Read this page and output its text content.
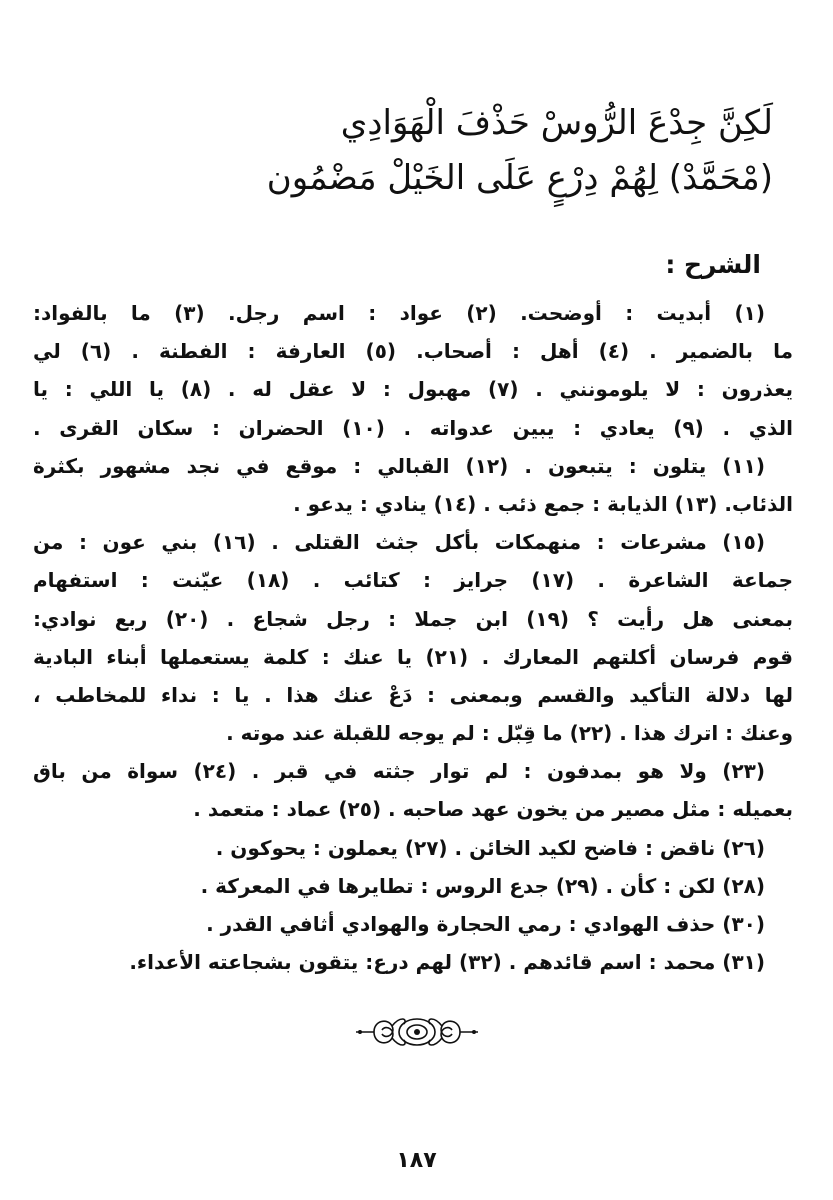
لَكِنَّ جِدْعَ الرُّوسْ حَذْفَ الْهَوَادِي
(مْحَمَّدْ) لِهُمْ دِرْعٍ عَلَى الخَيْلْ مَضْمُون
الشرح :
(١) أبديت : أوضحت. (٢) عواد : اسم رجل. (٣) ما بالفواد:
ما بالضمير . (٤) أهل : أصحاب. (٥) العارفة : الفطنة . (٦) لي
يعذرون : لا يلومونني . (٧) مهبول : لا عقل له . (٨) يا اللي : يا
الذي . (٩) يعادي : يبين عدواته . (١٠) الحضران : سكان القرى .
(١١) يتلون : يتبعون . (١٢) القبالي : موقع في نجد مشهور بكثرة
الذئاب. (١٣) الذيابة : جمع ذئب . (١٤) ينادي : يدعو .
(١٥) مشرعات : منهمكات بأكل جثث القتلى . (١٦) بني عون : من
جماعة الشاعرة . (١٧) جرايز : كتائب . (١٨) عيّنت : استفهام
بمعنى هل رأيت ؟ (١٩) ابن جملا : رجل شجاع . (٢٠) ربع نوادي:
قوم فرسان أكلتهم المعارك . (٢١) يا عنك : كلمة يستعملها أبناء البادية
لها دلالة التأكيد والقسم وبمعنى : دَعْ عنك هذا . يا : نداء للمخاطب ،
وعنك : اترك هذا . (٢٢) ما قِبّل : لم يوجه للقبلة عند موته .
(٢٣) ولا هو بمدفون : لم توار جثته في قبر . (٢٤) سواة من باق
بعميله : مثل مصير من يخون عهد صاحبه . (٢٥) عماد : متعمد .
(٢٦) ناقض : فاضح لكيد الخائن . (٢٧) يعملون : يحوكون .
(٢٨) لكن : كأن . (٢٩) جدع الروس : تطايرها في المعركة .
(٣٠) حذف الهوادي : رمي الحجارة والهوادي أثافي القدر .
(٣١) محمد : اسم قائدهم . (٣٢) لهم درع: يتقون بشجاعته الأعداء.
١٨٧
